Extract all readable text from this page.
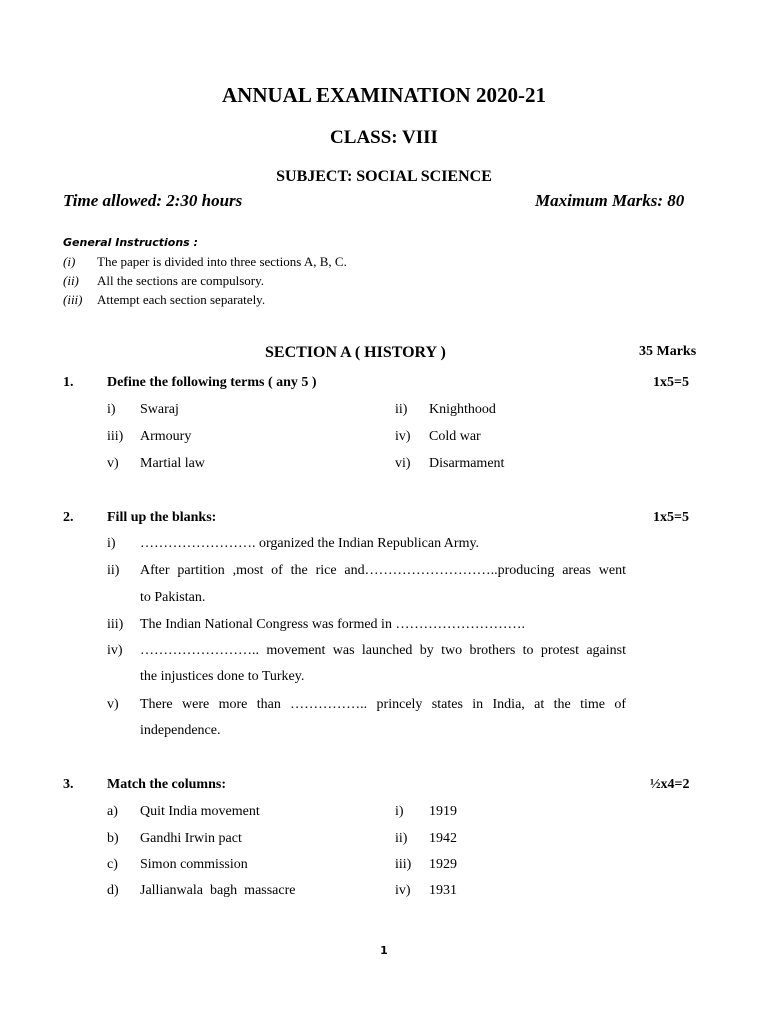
ANNUAL EXAMINATION 2020-21
CLASS: VIII
SUBJECT: SOCIAL SCIENCE
Time allowed: 2:30 hours	Maximum Marks: 80
General Instructions :
(i) The paper is divided into three sections A, B, C.
(ii) All the sections are compulsory.
(iii) Attempt each section separately.
SECTION A ( HISTORY )	35 Marks
1. Define the following terms ( any 5 )	1x5=5
i) Swaraj	ii) Knighthood
iii) Armoury	iv) Cold war
v) Martial law	vi) Disarmament
2. Fill up the blanks:	1x5=5
i) ……………………. organized the Indian Republican Army.
ii) After partition ,most of the rice and………………………..producing areas went
to Pakistan.
iii) The Indian National Congress was formed in ……………………….
iv) …………………….. movement was launched by two brothers to protest against
the injustices done to Turkey.
v) There were more than …………….. princely states in India, at the time of
independence.
3. Match the columns:	½x4=2
a) Quit India movement	i) 1919
b) Gandhi Irwin pact	ii) 1942
c) Simon commission	iii) 1929
d) Jallianwala  bagh  massacre	iv) 1931
1
